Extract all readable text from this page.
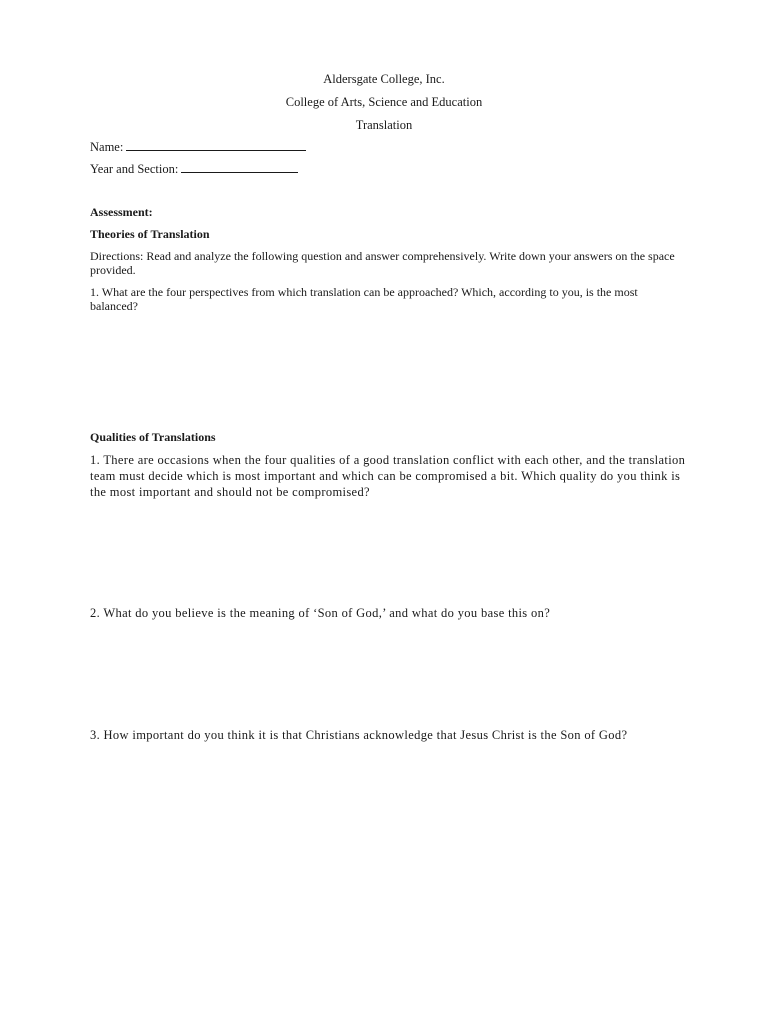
Aldersgate College, Inc.
College of Arts, Science and Education
Translation
Name:
Year and Section:
Assessment:
Theories of Translation

Directions: Read and analyze the following question and answer comprehensively. Write down your answers on the space provided.

1. What are the four perspectives from which translation can be approached? Which, according to you, is the most balanced?

Qualities of Translations

1. There are occasions when the four qualities of a good translation conflict with each other, and the translation team must decide which is most important and which can be compromised a bit. Which quality do you think is the most important and should not be compromised?

2. What do you believe is the meaning of ‘Son of God,’ and what do you base this on?

3. How important do you think it is that Christians acknowledge that Jesus Christ is the Son of God?
